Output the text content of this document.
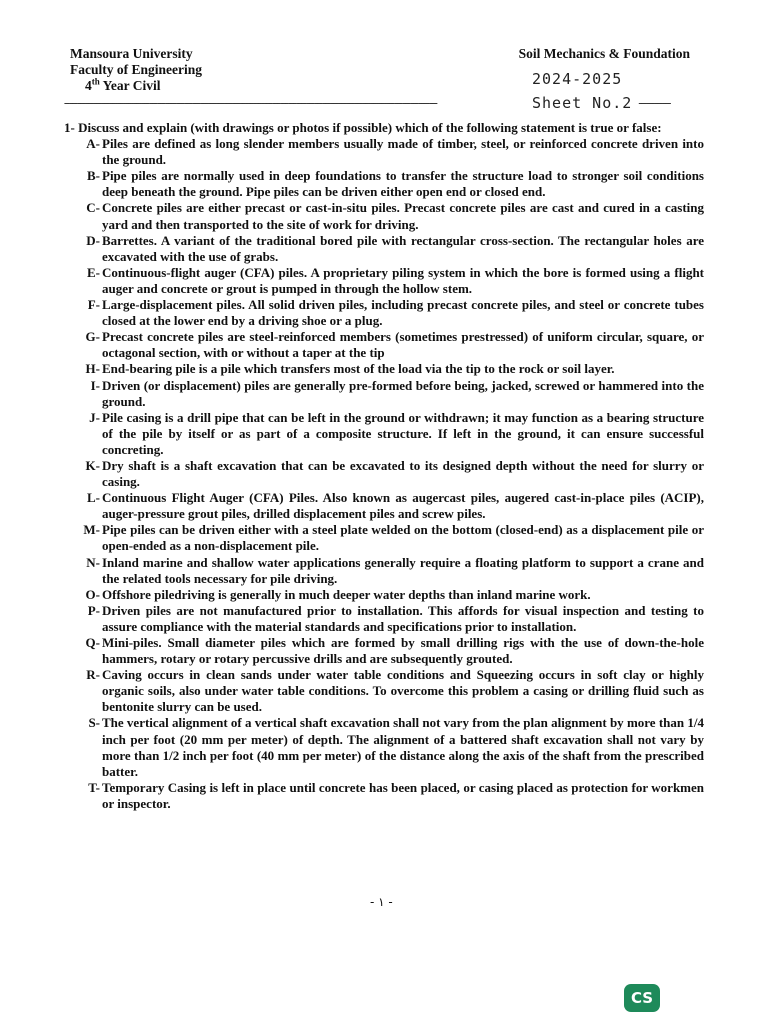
Mansoura University
Faculty of Engineering
4th Year Civil
Soil Mechanics & Foundation
2024-2025
--------------------------------------------------------------------------------------------------------------------------------------------	Sheet No.2 ------------

1- Discuss and explain (with drawings or photos if possible) which of the following statement is true or false:

A- Piles are defined as long slender members usually made of timber, steel, or reinforced concrete driven into the ground.
B- Pipe piles are normally used in deep foundations to transfer the structure load to stronger soil conditions deep beneath the ground. Pipe piles can be driven either open end or closed end.
C- Concrete piles are either precast or cast-in-situ piles. Precast concrete piles are cast and cured in a casting yard and then transported to the site of work for driving.
D- Barrettes. A variant of the traditional bored pile with rectangular cross-section. The rectangular holes are excavated with the use of grabs.
E- Continuous-flight auger (CFA) piles. A proprietary piling system in which the bore is formed using a flight auger and concrete or grout is pumped in through the hollow stem.
F- Large-displacement piles. All solid driven piles, including precast concrete piles, and steel or concrete tubes closed at the lower end by a driving shoe or a plug.
G- Precast concrete piles are steel-reinforced members (sometimes prestressed) of uniform circular, square, or octagonal section, with or without a taper at the tip
H- End-bearing pile is a pile which transfers most of the load via the tip to the rock or soil layer.
I- Driven (or displacement) piles are generally pre-formed before being, jacked, screwed or hammered into the ground.
J- Pile casing is a drill pipe that can be left in the ground or withdrawn; it may function as a bearing structure of the pile by itself or as part of a composite structure. If left in the ground, it can ensure successful concreting.
K- Dry shaft is a shaft excavation that can be excavated to its designed depth without the need for slurry or casing.
L- Continuous Flight Auger (CFA) Piles. Also known as augercast piles, augered cast-in-place piles (ACIP), auger-pressure grout piles, drilled displacement piles and screw piles.
M- Pipe piles can be driven either with a steel plate welded on the bottom (closed-end) as a displacement pile or open-ended as a non-displacement pile.
N- Inland marine and shallow water applications generally require a floating platform to support a crane and the related tools necessary for pile driving.
O- Offshore piledriving is generally in much deeper water depths than inland marine work.
P- Driven piles are not manufactured prior to installation. This affords for visual inspection and testing to assure compliance with the material standards and specifications prior to installation.
Q- Mini-piles. Small diameter piles which are formed by small drilling rigs with the use of down-the-hole hammers, rotary or rotary percussive drills and are subsequently grouted.
R- Caving occurs in clean sands under water table conditions and Squeezing occurs in soft clay or highly organic soils, also under water table conditions. To overcome this problem a casing or drilling fluid such as bentonite slurry can be used.
S- The vertical alignment of a vertical shaft excavation shall not vary from the plan alignment by more than 1/4 inch per foot (20 mm per meter) of depth. The alignment of a battered shaft excavation shall not vary by more than 1/2 inch per foot (40 mm per meter) of the distance along the axis of the shaft from the prescribed batter.
T- Temporary Casing is left in place until concrete has been placed, or casing placed as protection for workmen or inspector.
- ١ -
CS
